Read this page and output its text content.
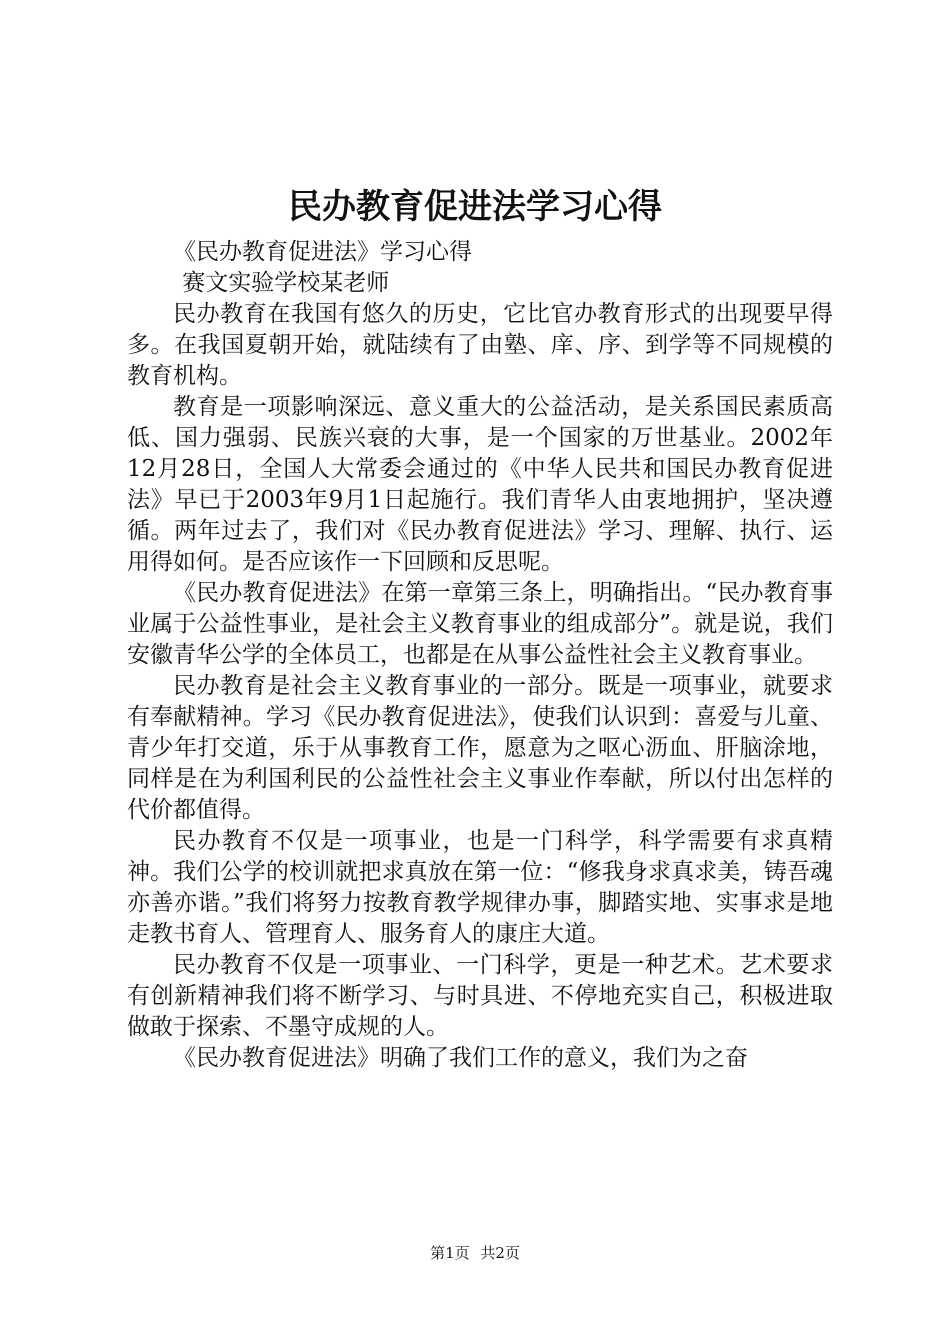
民办教育促进法学习心得

《民办教育促进法》学习心得

赛文实验学校某老师

民办教育在我国有悠久的历史，它比官办教育形式的出现要早得多。在我国夏朝开始，就陆续有了由塾、庠、序、到学等不同规模的教育机构。

教育是一项影响深远、意义重大的公益活动，是关系国民素质高低、国力强弱、民族兴衰的大事，是一个国家的万世基业。2002年12月28日，全国人大常委会通过的《中华人民共和国民办教育促进法》早已于2003年9月1日起施行。我们青华人由衷地拥护，坚决遵循。两年过去了，我们对《民办教育促进法》学习、理解、执行、运用得如何。是否应该作一下回顾和反思呢。

《民办教育促进法》在第一章第三条上，明确指出。“民办教育事业属于公益性事业，是社会主义教育事业的组成部分”。就是说，我们安徽青华公学的全体员工，也都是在从事公益性社会主义教育事业。

民办教育是社会主义教育事业的一部分。既是一项事业，就要求有奉献精神。学习《民办教育促进法》，使我们认识到：喜爱与儿童、青少年打交道，乐于从事教育工作，愿意为之呕心沥血、肝脑涂地，同样是在为利国利民的公益性社会主义事业作奉献，所以付出怎样的代价都值得。

民办教育不仅是一项事业，也是一门科学，科学需要有求真精神。我们公学的校训就把求真放在第一位：“修我身求真求美，铸吾魂亦善亦谐。”我们将努力按教育教学规律办事，脚踏实地、实事求是地走教书育人、管理育人、服务育人的康庄大道。

民办教育不仅是一项事业、一门科学，更是一种艺术。艺术要求有创新精神我们将不断学习、与时具进、不停地充实自己，积极进取做敢于探索、不墨守成规的人。

《民办教育促进法》明确了我们工作的意义，我们为之奋

第1页 共2页
